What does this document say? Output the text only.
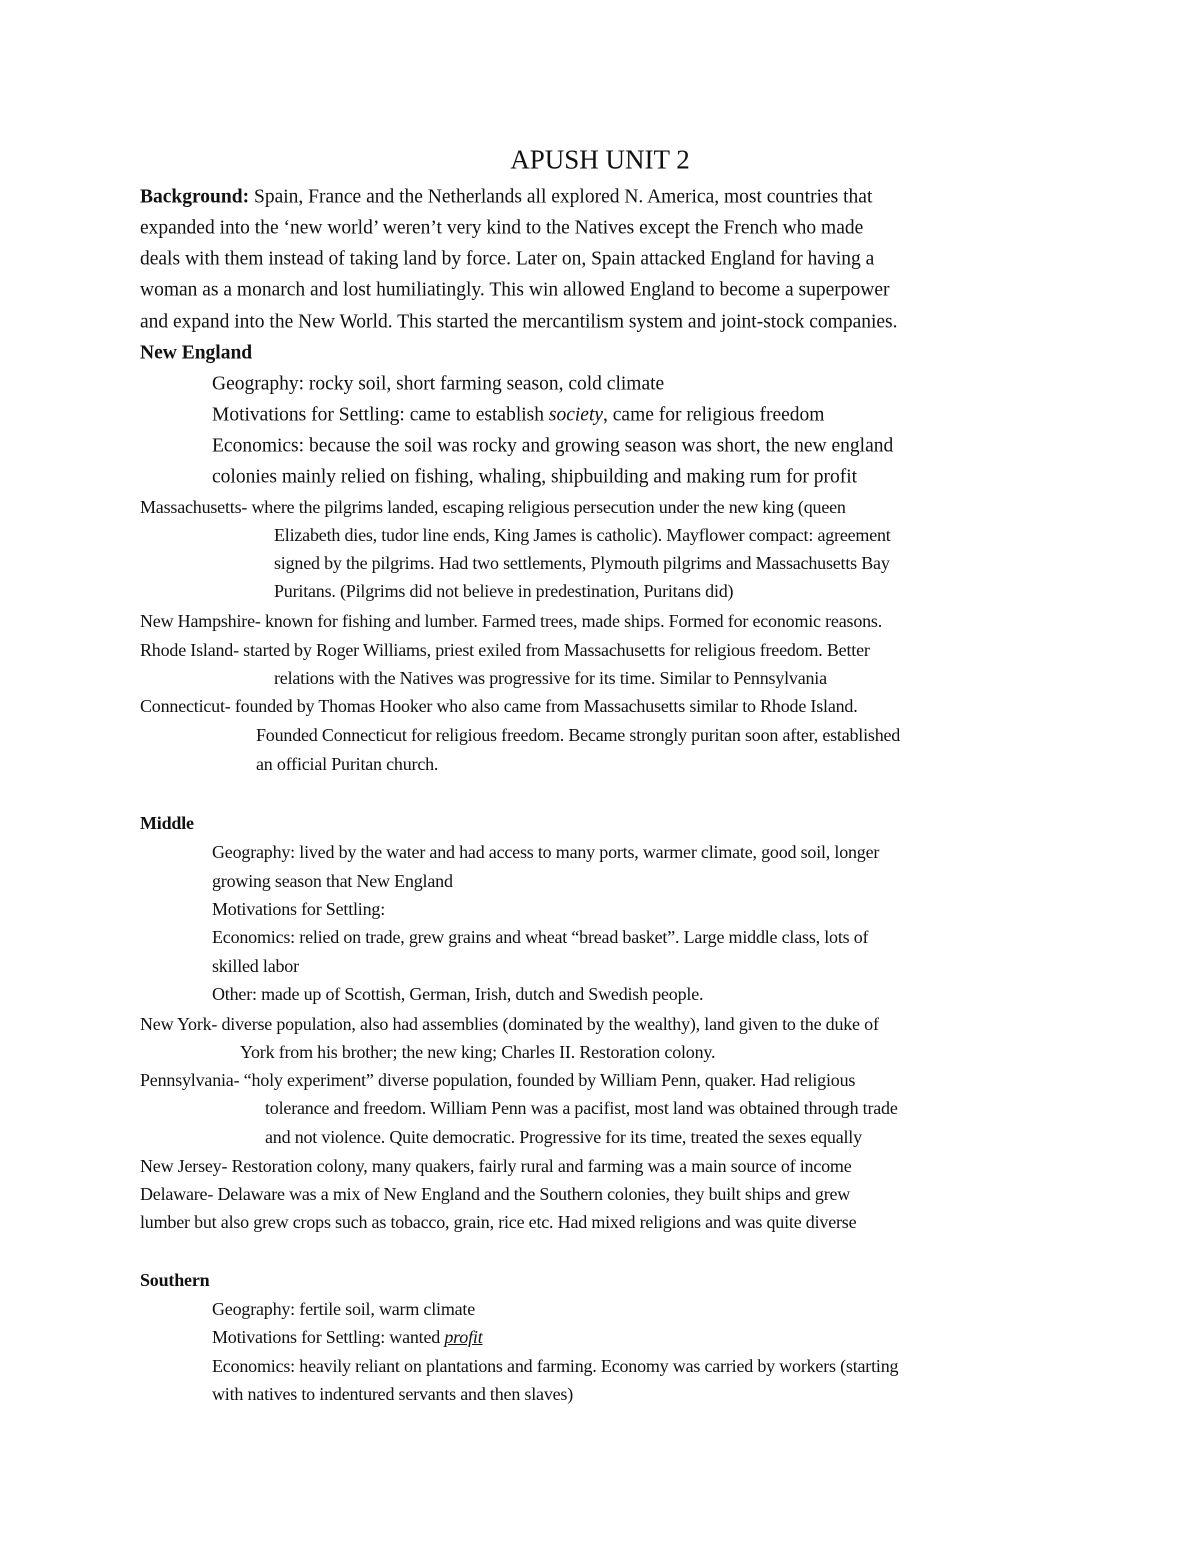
APUSH UNIT 2
Background: Spain, France and the Netherlands all explored N. America, most countries that
expanded into the ‘new world’ weren’t very kind to the Natives except the French who made
deals with them instead of taking land by force. Later on, Spain attacked England for having a
woman as a monarch and lost humiliatingly. This win allowed England to become a superpower
and expand into the New World. This started the mercantilism system and joint-stock companies.
New England
Geography: rocky soil, short farming season, cold climate
Motivations for Settling: came to establish society, came for religious freedom
Economics: because the soil was rocky and growing season was short, the new england
colonies mainly relied on fishing, whaling, shipbuilding and making rum for profit
Massachusetts- where the pilgrims landed, escaping religious persecution under the new king (queen
Elizabeth dies, tudor line ends, King James is catholic). Mayflower compact: agreement
signed by the pilgrims. Had two settlements, Plymouth pilgrims and Massachusetts Bay
Puritans. (Pilgrims did not believe in predestination, Puritans did)
New Hampshire- known for fishing and lumber. Farmed trees, made ships. Formed for economic reasons.
Rhode Island- started by Roger Williams, priest exiled from Massachusetts for religious freedom. Better
relations with the Natives was progressive for its time. Similar to Pennsylvania
Connecticut- founded by Thomas Hooker who also came from Massachusetts similar to Rhode Island.
Founded Connecticut for religious freedom. Became strongly puritan soon after, established
an official Puritan church.
Middle
Geography: lived by the water and had access to many ports, warmer climate, good soil, longer
growing season that New England
Motivations for Settling:
Economics: relied on trade, grew grains and wheat “bread basket”. Large middle class, lots of
skilled labor
Other: made up of Scottish, German, Irish, dutch and Swedish people.
New York- diverse population, also had assemblies (dominated by the wealthy), land given to the duke of
York from his brother; the new king; Charles II. Restoration colony.
Pennsylvania- “holy experiment” diverse population, founded by William Penn, quaker. Had religious
tolerance and freedom. William Penn was a pacifist, most land was obtained through trade
and not violence. Quite democratic. Progressive for its time, treated the sexes equally
New Jersey- Restoration colony, many quakers, fairly rural and farming was a main source of income
Delaware- Delaware was a mix of New England and the Southern colonies, they built ships and grew
lumber but also grew crops such as tobacco, grain, rice etc. Had mixed religions and was quite diverse
Southern
Geography: fertile soil, warm climate
Motivations for Settling: wanted profit
Economics: heavily reliant on plantations and farming. Economy was carried by workers (starting
with natives to indentured servants and then slaves)
